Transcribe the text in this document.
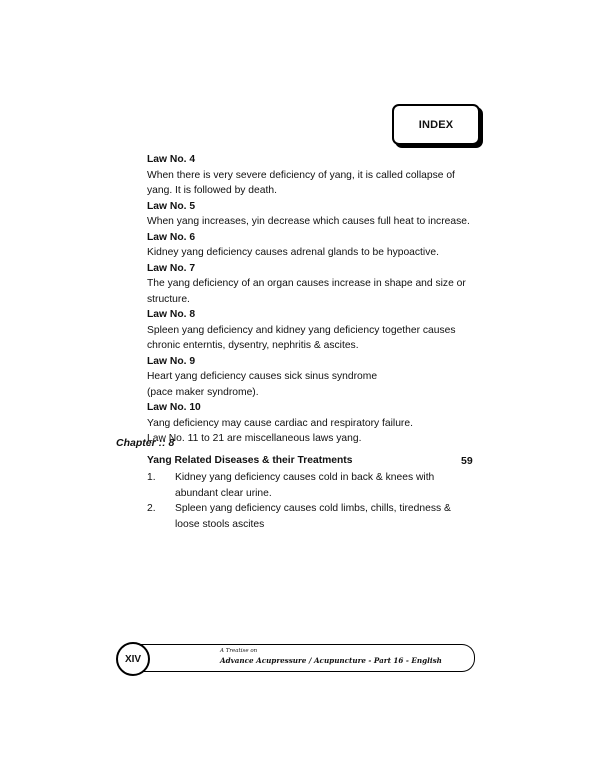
INDEX
Law No. 4
When there is very severe deficiency of yang, it is called collapse of
yang. It is followed by death.
Law No. 5
When yang increases, yin decrease which causes full heat to increase.
Law No. 6
Kidney yang deficiency causes adrenal glands to be hypoactive.
Law No. 7
The yang deficiency of an organ causes increase in shape and size or
structure.
Law No. 8
Spleen yang deficiency and kidney yang deficiency together causes
chronic enterntis, dysentry, nephritis & ascites.
Law No. 9
Heart yang deficiency causes sick sinus syndrome
(pace maker syndrome).
Law No. 10
Yang deficiency may cause cardiac and respiratory failure.
Law No. 11 to 21 are miscellaneous laws yang.
Chapter :: 8
Yang Related Diseases & their Treatments	59
1. Kidney yang deficiency causes cold in back & knees with
abundant clear urine.
2. Spleen yang deficiency causes cold limbs, chills, tiredness &
loose stools ascites
XIV
A Treatise on
Advance Acupressure / Acupuncture - Part 16 - English
